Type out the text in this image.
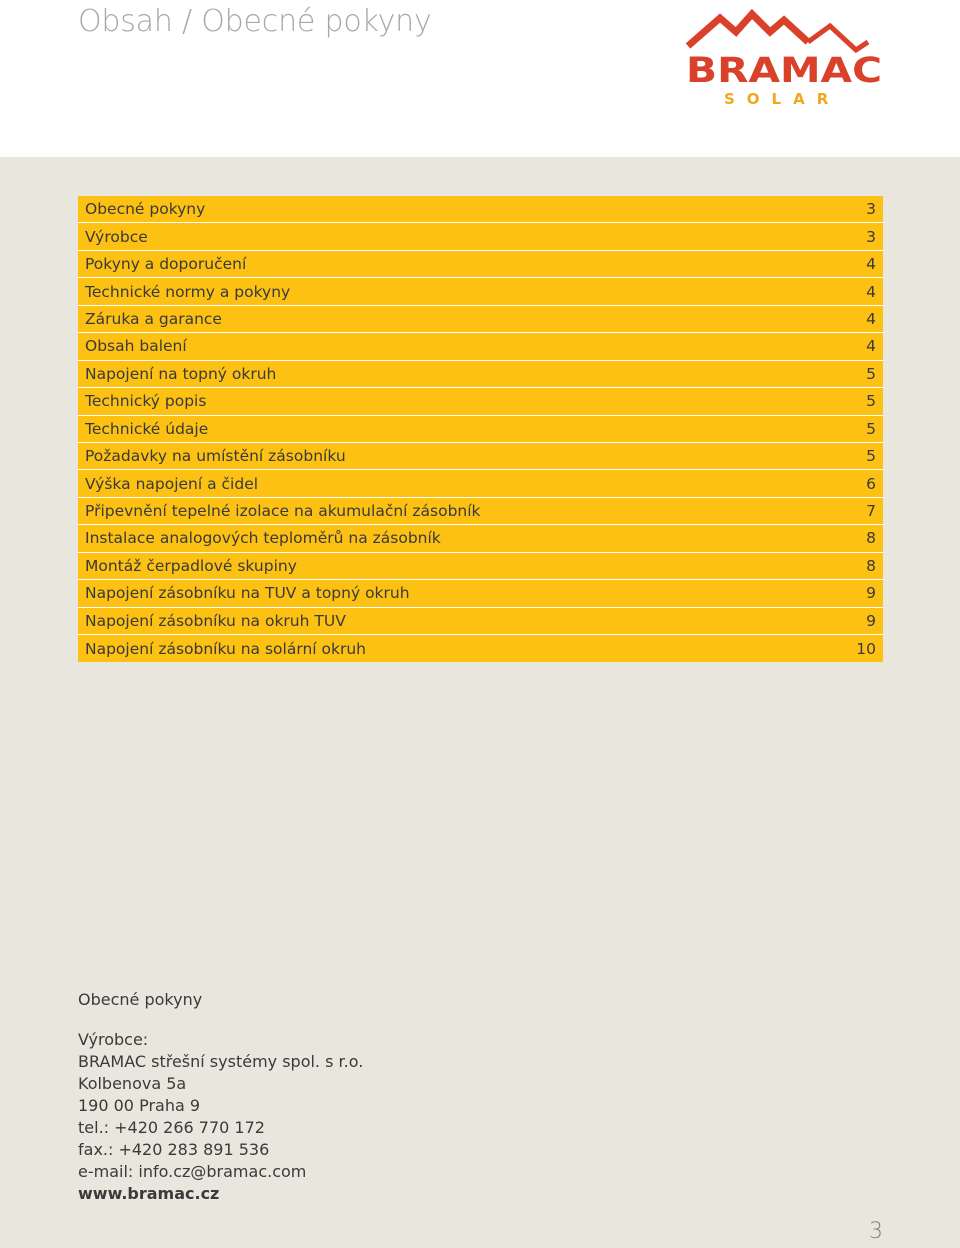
Obsah / Obecné pokyny
BRAMAC
SOLAR
Obecné pokyny	3
Výrobce	3
Pokyny a doporučení	4
Technické normy a pokyny	4
Záruka a garance	4
Obsah balení	4
Napojení na topný okruh	5
Technický popis	5
Technické údaje	5
Požadavky na umístění zásobníku	5
Výška napojení a čidel	6
Připevnění tepelné izolace na akumulační zásobník	7
Instalace analogových teploměrů na zásobník	8
Montáž čerpadlové skupiny	8
Napojení zásobníku na TUV a topný okruh	9
Napojení zásobníku na okruh TUV	9
Napojení zásobníku na solární okruh	10
Obecné pokyny
Výrobce:
BRAMAC střešní systémy spol. s r.o.
Kolbenova 5a
190 00 Praha 9
tel.: +420 266 770 172
fax.: +420 283 891 536
e-mail: info.cz@bramac.com
www.bramac.cz
3
